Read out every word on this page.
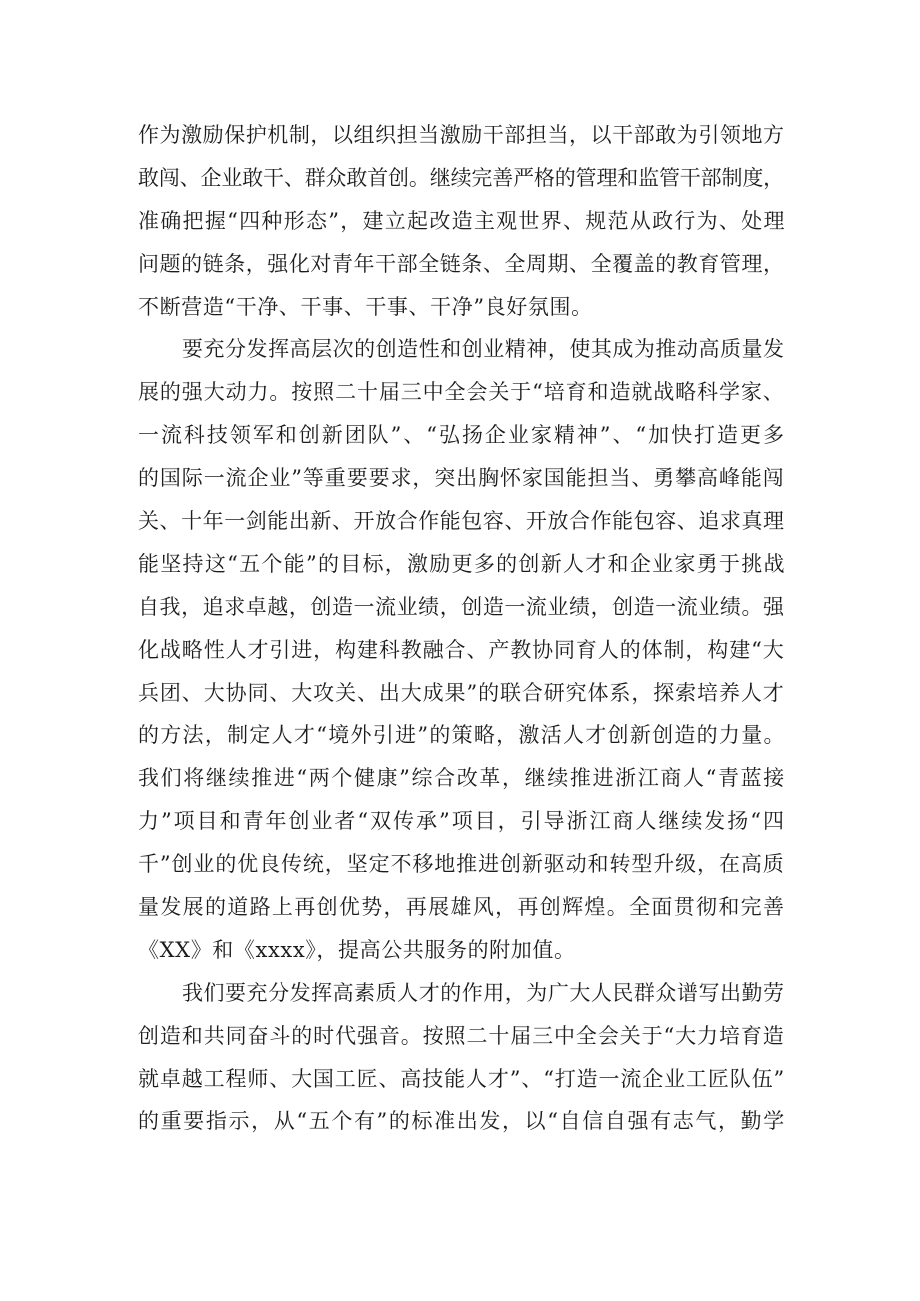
作为激励保护机制，以组织担当激励干部担当，以干部敢为引领地方
敢闯、企业敢干、群众敢首创。继续完善严格的管理和监管干部制度，
准确把握“四种形态”，建立起改造主观世界、规范从政行为、处理
问题的链条，强化对青年干部全链条、全周期、全覆盖的教育管理，
不断营造“干净、干事、干事、干净”良好氛围。

要充分发挥高层次的创造性和创业精神，使其成为推动高质量发
展的强大动力。按照二十届三中全会关于“培育和造就战略科学家、
一流科技领军和创新团队”、“弘扬企业家精神”、“加快打造更多
的国际一流企业”等重要要求，突出胸怀家国能担当、勇攀高峰能闯
关、十年一剑能出新、开放合作能包容、开放合作能包容、追求真理
能坚持这“五个能”的目标，激励更多的创新人才和企业家勇于挑战
自我，追求卓越，创造一流业绩，创造一流业绩，创造一流业绩。强
化战略性人才引进，构建科教融合、产教协同育人的体制，构建“大
兵团、大协同、大攻关、出大成果”的联合研究体系，探索培养人才
的方法，制定人才“境外引进”的策略，激活人才创新创造的力量。
我们将继续推进“两个健康”综合改革，继续推进浙江商人“青蓝接
力”项目和青年创业者“双传承”项目，引导浙江商人继续发扬“四
千”创业的优良传统，坚定不移地推进创新驱动和转型升级，在高质
量发展的道路上再创优势，再展雄风，再创辉煌。全面贯彻和完善
《XX》和《xxxx》，提高公共服务的附加值。

我们要充分发挥高素质人才的作用，为广大人民群众谱写出勤劳
创造和共同奋斗的时代强音。按照二十届三中全会关于“大力培育造
就卓越工程师、大国工匠、高技能人才”、“打造一流企业工匠队伍”
的重要指示，从“五个有”的标准出发，以“自信自强有志气，勤学
